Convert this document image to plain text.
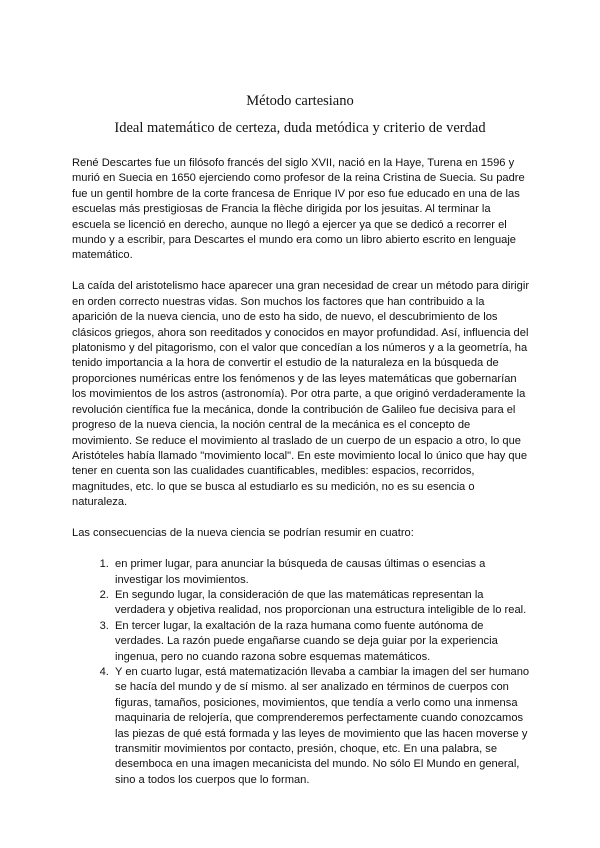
Método cartesiano
Ideal matemático de certeza, duda metódica y criterio de verdad

René Descartes fue un filósofo francés del siglo XVII, nació en la Haye, Turena en 1596 y murió en Suecia en 1650 ejerciendo como profesor de la reina Cristina de Suecia. Su padre fue un gentil hombre de la corte francesa de Enrique IV por eso fue educado en una de las escuelas más prestigiosas de Francia la flèche dirigida por los jesuitas. Al terminar la escuela se licenció en derecho, aunque no llegó a ejercer ya que se dedicó a recorrer el mundo y a escribir, para Descartes el mundo era como un libro abierto escrito en lenguaje matemático.

La caída del aristotelismo hace aparecer una gran necesidad de crear un método para dirigir en orden correcto nuestras vidas. Son muchos los factores que han contribuido a la aparición de la nueva ciencia, uno de esto ha sido, de nuevo, el descubrimiento de los clásicos griegos, ahora son reeditados y conocidos en mayor profundidad. Así, influencia del platonismo y del pitagorismo, con el valor que concedían a los números y a la geometría, ha tenido importancia a la hora de convertir el estudio de la naturaleza en la búsqueda de proporciones numéricas entre los fenómenos y de las leyes matemáticas que gobernarían los movimientos de los astros (astronomía). Por otra parte, a que originó verdaderamente la revolución científica fue la mecánica, donde la contribución de Galileo fue decisiva para el progreso de la nueva ciencia, la noción central de la mecánica es el concepto de movimiento. Se reduce el movimiento al traslado de un cuerpo de un espacio a otro, lo que Aristóteles había llamado "movimiento local". En este movimiento local lo único que hay que tener en cuenta son las cualidades cuantificables, medibles: espacios, recorridos, magnitudes, etc. lo que se busca al estudiarlo es su medición, no es su esencia o naturaleza.

Las consecuencias de la nueva ciencia se podrían resumir en cuatro:

1. en primer lugar, para anunciar la búsqueda de causas últimas o esencias a investigar los movimientos.
2. En segundo lugar, la consideración de que las matemáticas representan la verdadera y objetiva realidad, nos proporcionan una estructura inteligible de lo real.
3. En tercer lugar, la exaltación de la raza humana como fuente autónoma de verdades. La razón puede engañarse cuando se deja guiar por la experiencia ingenua, pero no cuando razona sobre esquemas matemáticos.
4. Y en cuarto lugar, está matematización llevaba a cambiar la imagen del ser humano se hacía del mundo y de sí mismo. al ser analizado en términos de cuerpos con figuras, tamaños, posiciones, movimientos, que tendía a verlo como una inmensa maquinaria de relojería, que comprenderemos perfectamente cuando conozcamos las piezas de qué está formada y las leyes de movimiento que las hacen moverse y transmitir movimientos por contacto, presión, choque, etc. En una palabra, se desemboca en una imagen mecanicista del mundo. No sólo El Mundo en general, sino a todos los cuerpos que lo forman.
